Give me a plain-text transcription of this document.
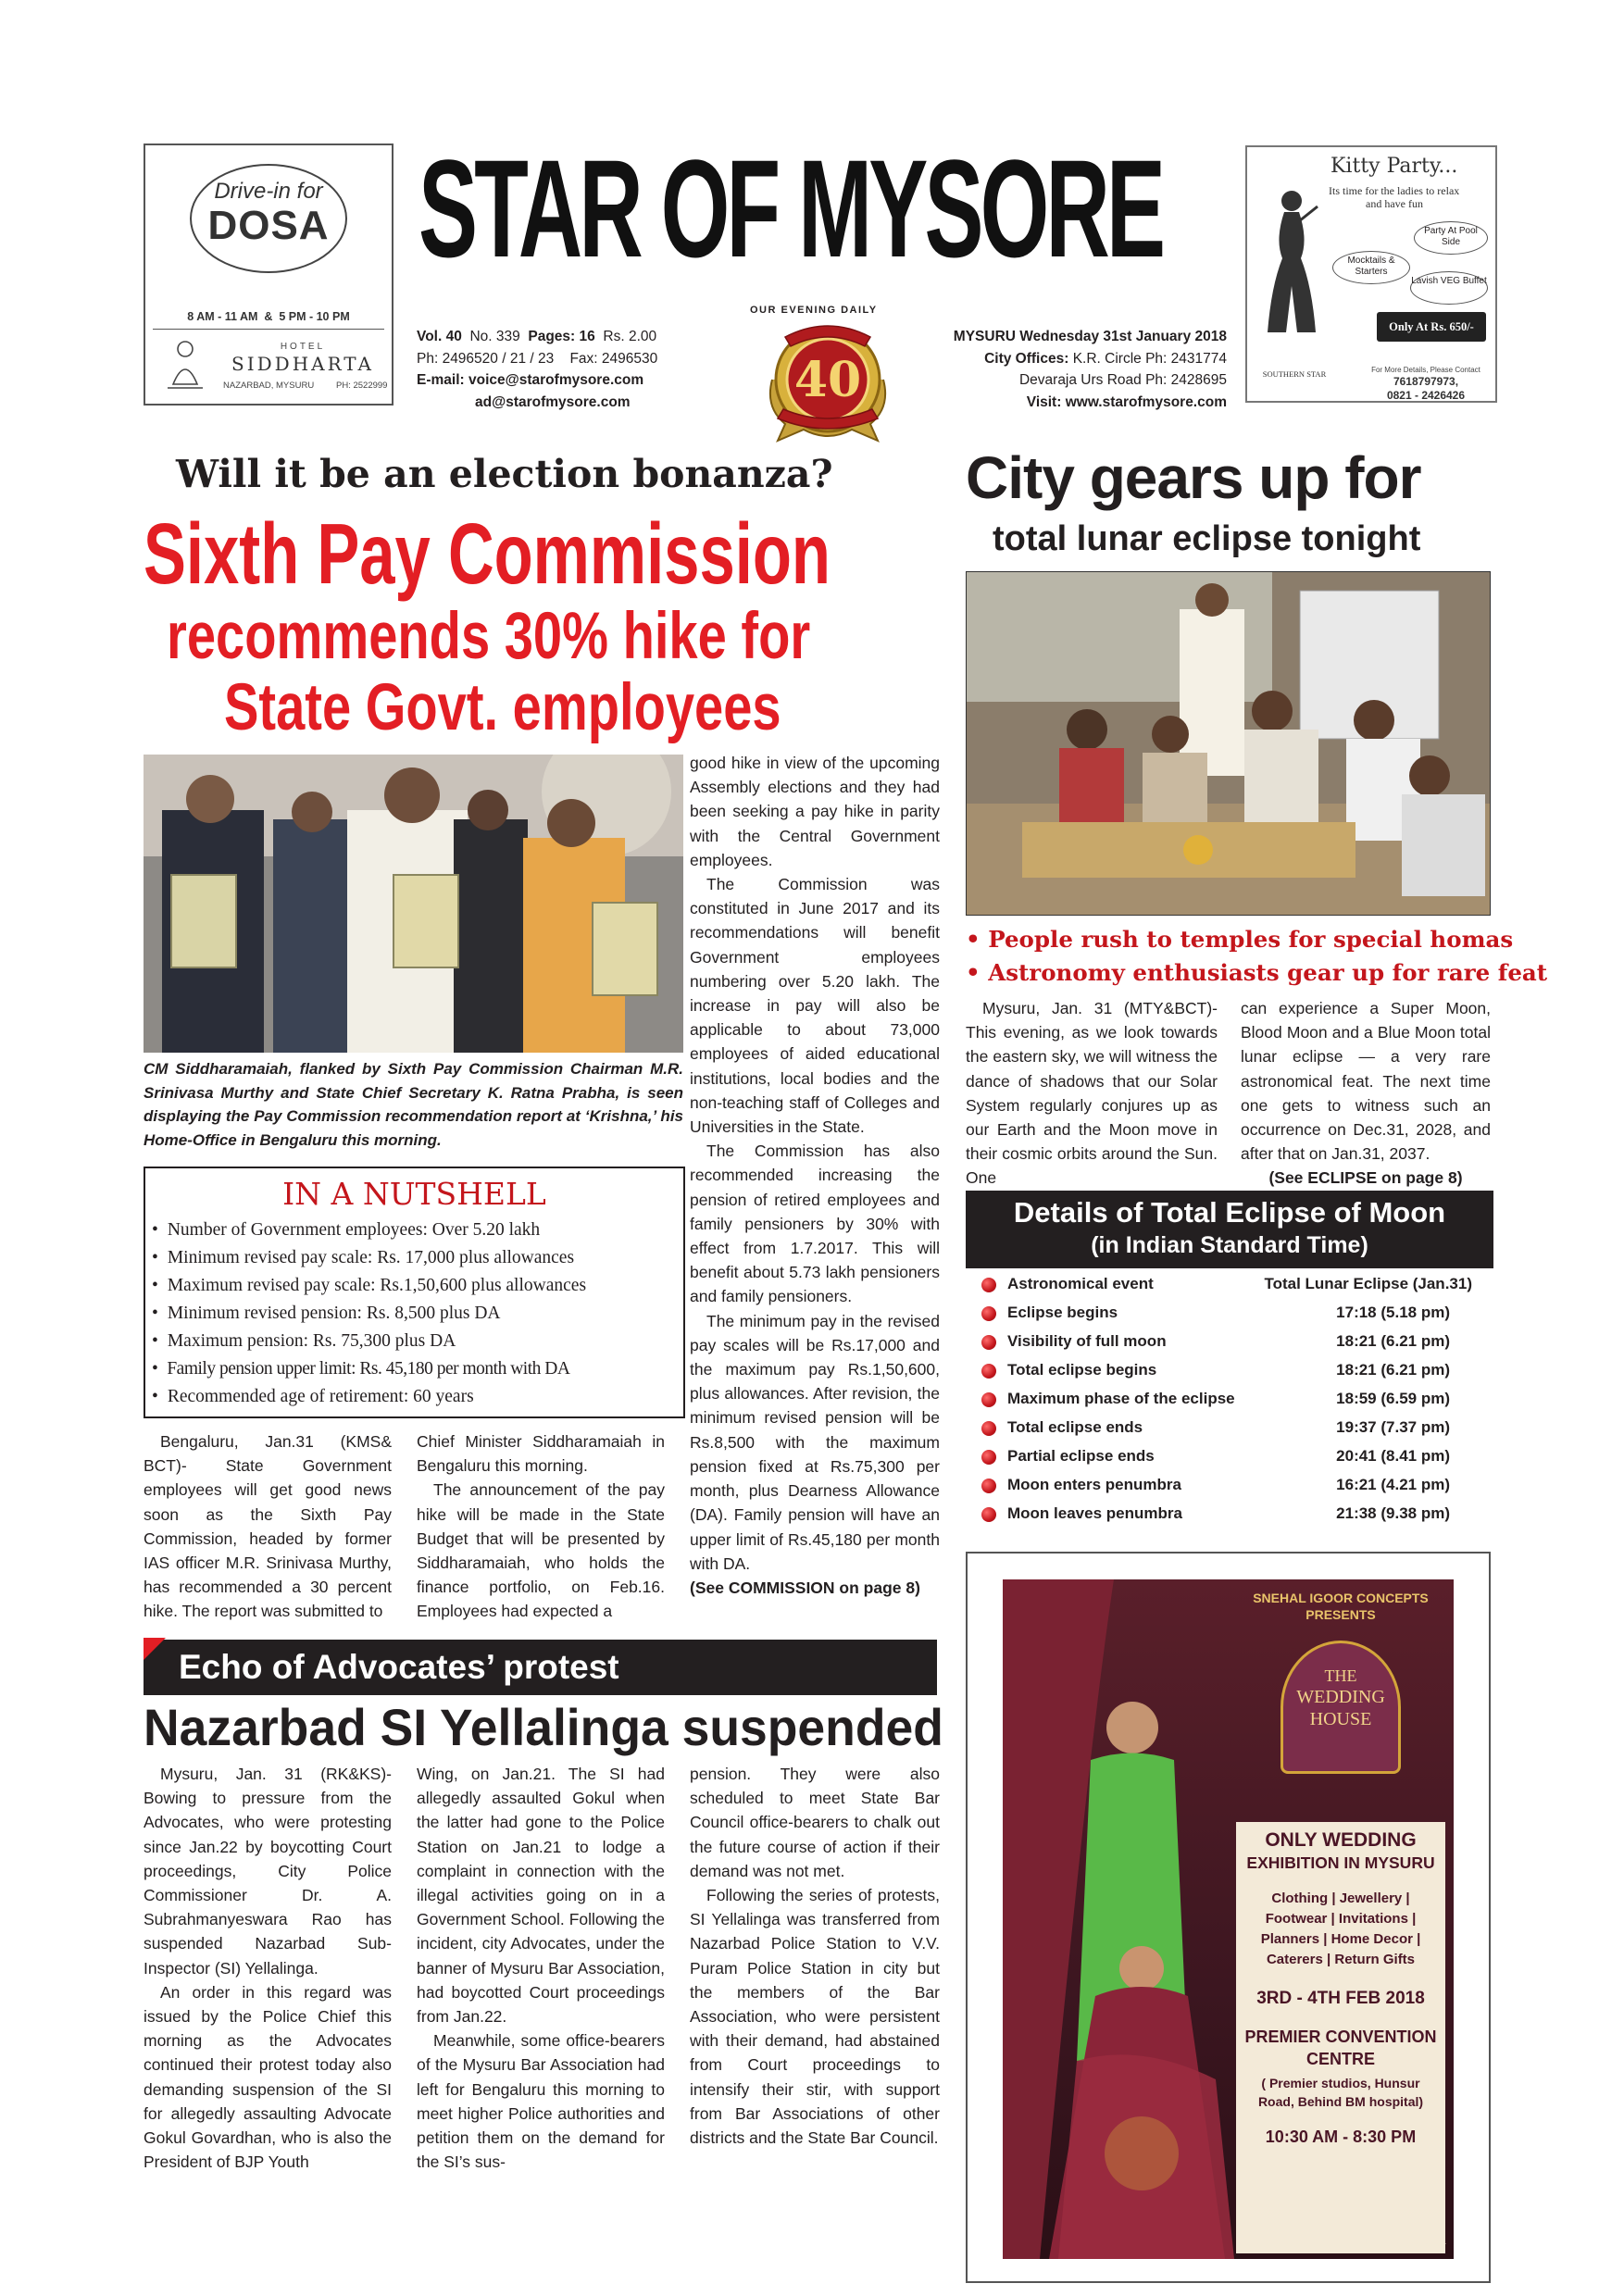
Drive-in for
DOSA
8 AM - 11 AM  &  5 PM - 10 PM
HOTEL
SIDDHARTA
NAZARBAD, MYSURU	PH: 2522999
STAR OF MYSORE
OUR EVENING DAILY
Vol. 40 No. 339 Pages: 16 Rs. 2.00
Ph: 2496520 / 21 / 23 Fax: 2496530
E-mail: voice@starofmysore.com
ad@starofmysore.com	40
MYSURU Wednesday 31st January 2018
City Offices: K.R. Circle Ph: 2431774
Devaraja Urs Road Ph: 2428695
Visit: www.starofmysore.com
Kitty Party...
Its time for the ladies to relax
and have fun
Party At Pool Side
Mocktails & Starters
Lavish VEG Buffet
Only At Rs. 650/-
SOUTHERN STAR	For More Details, Please Contact
7618797973,
0821 - 2426426
Will it be an election bonanza?
Sixth Pay Commission
recommends 30% hike for
State Govt. employees
CM Siddharamaiah, flanked by Sixth Pay Commission Chairman M.R. Srinivasa Murthy and State Chief Secretary K. Ratna Prabha, is seen displaying the Pay Commission recommendation report at ‘Krishna,’ his Home-Office in Bengaluru this morning.
IN A NUTSHELL
• Number of Government employees: Over 5.20 lakh
• Minimum revised pay scale: Rs. 17,000 plus allowances
• Maximum revised pay scale: Rs.1,50,600 plus allowances
• Minimum revised pension: Rs. 8,500 plus DA
• Maximum pension: Rs. 75,300 plus DA
• Family pension upper limit: Rs. 45,180 per month with DA
• Recommended age of retirement: 60 years

Bengaluru, Jan.31 (KMS& BCT)- State Government employees will get good news soon as the Sixth Pay Commission, headed by former IAS officer M.R. Srinivasa Murthy, has recommended a 30 percent hike. The report was submitted to

Chief Minister Siddharamaiah in Bengaluru this morning.

The announcement of the pay hike will be made in the State Budget that will be presented by Siddharamaiah, who holds the finance portfolio, on Feb.16. Employees had expected a

good hike in view of the upcoming Assembly elections and they had been seeking a pay hike in parity with the Central Government employees.

The Commission was constituted in June 2017 and its recommendations will benefit Government employees numbering over 5.20 lakh. The increase in pay will also be applicable to about 73,000 employees of aided educational institutions, local bodies and the non-teaching staff of Colleges and Universities in the State.

The Commission has also recommended increasing the pension of retired employees and family pensioners by 30% with effect from 1.7.2017. This will benefit about 5.73 lakh pensioners and family pensioners.

The minimum pay in the revised pay scales will be Rs.17,000 and the maximum pay Rs.1,50,600, plus allowances. After revision, the minimum revised pension will be Rs.8,500 with the maximum pension fixed at Rs.75,300 per month, plus Dearness Allowance (DA). Family pension will have an upper limit of Rs.45,180 per month with DA.

(See COMMISSION on page 8)

City gears up for
total lunar eclipse tonight
• People rush to temples for special homas
• Astronomy enthusiasts gear up for rare feat

Mysuru, Jan. 31 (MTY&BCT)- This evening, as we look towards the eastern sky, we will witness the dance of shadows that our Solar System regularly conjures up as our Earth and the Moon move in their cosmic orbits around the Sun. One

can experience a Super Moon, Blood Moon and a Blue Moon total lunar eclipse — a very rare astronomical feat. The next time one gets to witness such an occurrence on Dec.31, 2028, and after that on Jan.31, 2037.

(See ECLIPSE on page 8)

Details of Total Eclipse of Moon
(in Indian Standard Time)
Astronomical event	Total Lunar Eclipse (Jan.31)
Eclipse begins	17:18 (5.18 pm)
Visibility of full moon	18:21 (6.21 pm)
Total eclipse begins	18:21 (6.21 pm)
Maximum phase of the eclipse	18:59 (6.59 pm)
Total eclipse ends	19:37 (7.37 pm)
Partial eclipse ends	20:41 (8.41 pm)
Moon enters penumbra	16:21 (4.21 pm)
Moon leaves penumbra	21:38 (9.38 pm)
Echo of Advocates’ protest
Nazarbad SI Yellalinga suspended

Mysuru, Jan. 31 (RK&KS)- Bowing to pressure from the Advocates, who were protesting since Jan.22 by boycotting Court proceedings, City Police Commissioner Dr. A. Subrahmanyeswara Rao has suspended Nazarbad Sub-Inspector (SI) Yellalinga.

An order in this regard was issued by the Police Chief this morning as the Advocates continued their protest today also demanding suspension of the SI for allegedly assaulting Advocate Gokul Govardhan, who is also the President of BJP Youth

Wing, on Jan.21. The SI had allegedly assaulted Gokul when the latter had gone to the Police Station on Jan.21 to lodge a complaint in connection with the illegal activities going on in a Government School. Following the incident, city Advocates, under the banner of Mysuru Bar Association, had boycotted Court proceedings from Jan.22.

Meanwhile, some office-bearers of the Mysuru Bar Association had left for Bengaluru this morning to meet higher Police authorities and petition them on the demand for the SI’s sus-

pension. They were also scheduled to meet State Bar Council office-bearers to chalk out the future course of action if their demand was not met.

Following the series of protests, SI Yellalinga was transferred from Nazarbad Police Station to V.V. Puram Police Station in city but the members of the Bar Association, who were persistent with their demand, had abstained from Court proceedings to intensify their stir, with support from Bar Associations of other districts and the State Bar Council.

SNEHAL IGOOR CONCEPTS
PRESENTS
THE
WEDDING
HOUSE
ONLY WEDDING
EXHIBITION IN MYSURU
Clothing | Jewellery |
Footwear | Invitations |
Planners | Home Decor |
Caterers | Return Gifts
3RD - 4TH FEB 2018
PREMIER CONVENTION
CENTRE
( Premier studios, Hunsur
Road, Behind BM hospital)
10:30 AM - 8:30 PM
CONTACT US: +91 98455 45914, +91 98862 41891
